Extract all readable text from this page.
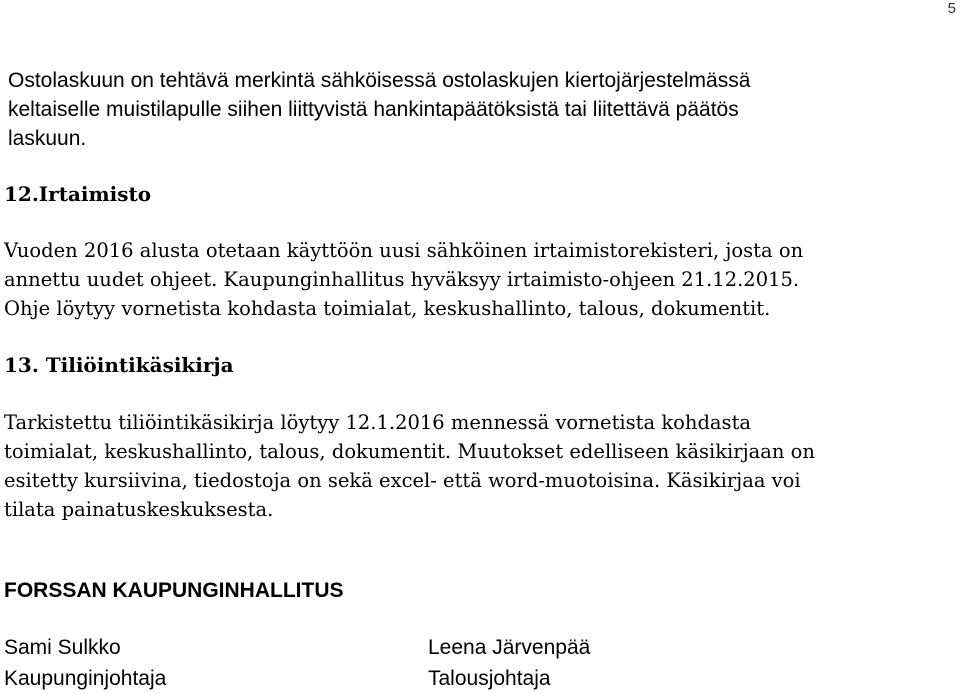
5

Ostolaskuun on tehtävä merkintä sähköisessä ostolaskujen kiertojärjestelmässä
keltaiselle muistilapulle siihen liittyvistä hankintapäätöksistä tai liitettävä päätös
laskuun.

12.Irtaimisto

Vuoden 2016 alusta otetaan käyttöön uusi sähköinen irtaimistorekisteri, josta on
annettu uudet ohjeet. Kaupunginhallitus hyväksyy irtaimisto-ohjeen 21.12.2015.
Ohje löytyy vornetista kohdasta toimialat, keskushallinto, talous, dokumentit.

13. Tiliöintikäsikirja

Tarkistettu tiliöintikäsikirja löytyy 12.1.2016 mennessä vornetista kohdasta
toimialat, keskushallinto, talous, dokumentit. Muutokset edelliseen käsikirjaan on
esitetty kursiivina, tiedostoja on sekä excel- että word-muotoisina. Käsikirjaa voi
tilata painatuskeskuksesta.

FORSSAN KAUPUNGINHALLITUS
Sami Sulkko
Kaupunginjohtaja
Leena Järvenpää
Talousjohtaja
